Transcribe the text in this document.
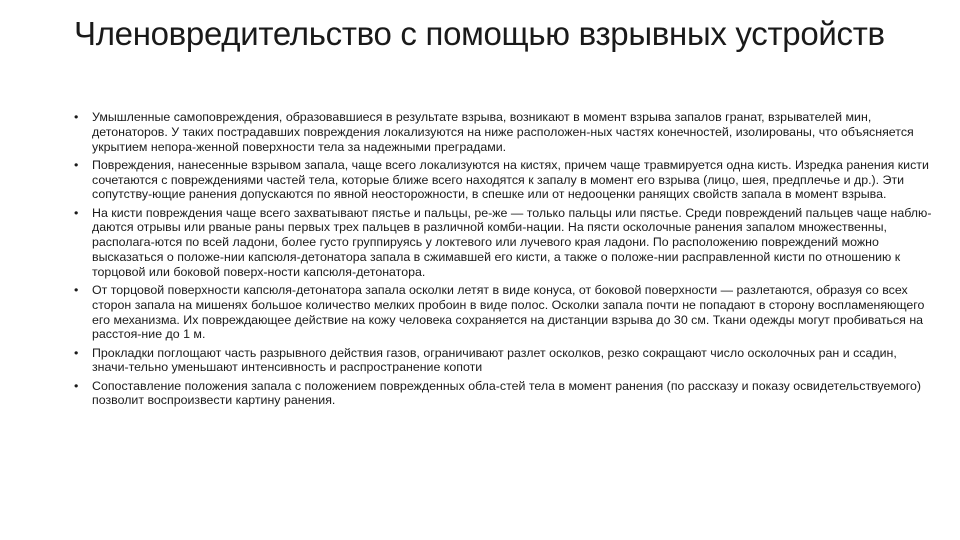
Членовредительство с помощью взрывных устройств
•	Умышленные самоповреждения, образовавшиеся в результате взрыва, возникают в момент взрыва запалов гранат, взрывателей мин, детонаторов. У таких пострадавших повреждения локализуются на ниже расположен-ных частях конечностей, изолированы, что объясняется укрытием непора-женной поверхности тела за надежными преградами.
•	Повреждения, нанесенные взрывом запала, чаще всего локализуются на кистях, причем чаще травмируется одна кисть. Изредка ранения кисти сочетаются с повреждениями частей тела, которые ближе всего находятся к запалу в момент его взрыва (лицо, шея, предплечье и др.). Эти сопутству-ющие ранения допускаются по явной неосторожности, в спешке или от недооценки ранящих свойств запала в момент взрыва.
•	На кисти повреждения чаще всего захватывают пястье и пальцы, ре-же — только пальцы или пястье. Среди повреждений пальцев чаще наблю-даются отрывы или рваные раны первых трех пальцев в различной комби-нации. На пясти осколочные ранения запалом множественны, располага-ются по всей ладони, более густо группируясь у локтевого или лучевого края ладони. По расположению повреждений можно высказаться о положе-нии капсюля-детонатора запала в сжимавшей его кисти, а также о положе-нии расправленной кисти по отношению к торцовой или боковой поверх-ности капсюля-детонатора.
•	От торцовой поверхности капсюля-детонатора запала осколки летят в виде конуса, от боковой поверхности — разлетаются, образуя со всех сторон запала на мишенях большое количество мелких пробоин в виде полос. Осколки запала почти не попадают в сторону воспламеняющего его механизма. Их повреждающее действие на кожу человека сохраняется на дистанции взрыва до 30 см. Ткани одежды могут пробиваться на расстоя-ние до 1 м.
•	Прокладки поглощают часть разрывного действия газов, ограничивают разлет осколков, резко сокращают число осколочных ран и ссадин, значи-тельно уменьшают интенсивность и распространение копоти
•	Сопоставление положения запала с положением поврежденных обла-стей тела в момент ранения (по рассказу и показу освидетельствуемого) позволит воспроизвести картину ранения.
